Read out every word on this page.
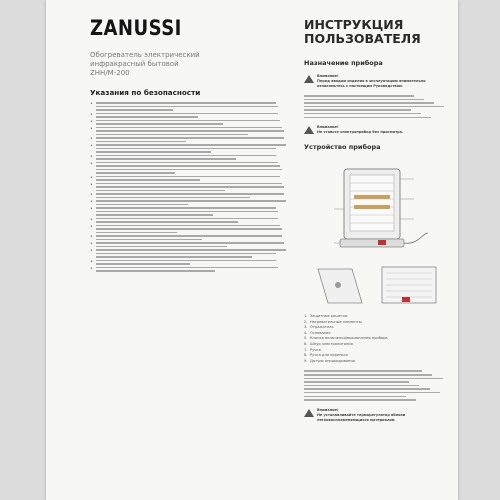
ZANUSSI
Обогреватель электрический
инфракрасный бытовой
ZHH/M-200
Указания по безопасности
•
•
•
•
•
•
•
•
•
•
•
•
•
•
•
•
•
•
•
•
ИНСТРУКЦИЯ
ПОЛЬЗОВАТЕЛЯ
Назначение прибора
Внимание!
Перед вводом изделия в эксплуатацию внимательно ознакомьтесь с настоящим Руководством.
Внимание!
Не ставьте электроприбор без присмотра.
Устройство прибора
1. Защитные решетки
2. Нагревательные элементы
3. Отражатель
4. Основание
5. Кнопка включения/выключения прибора
6. Шнур электропитания
7. Ручка
8. Ручка для переноса
9. Датчик опрокидывания
Внимание!
Не устанавливайте терморегулятор вблизи легковоспламеняющихся материалов.
